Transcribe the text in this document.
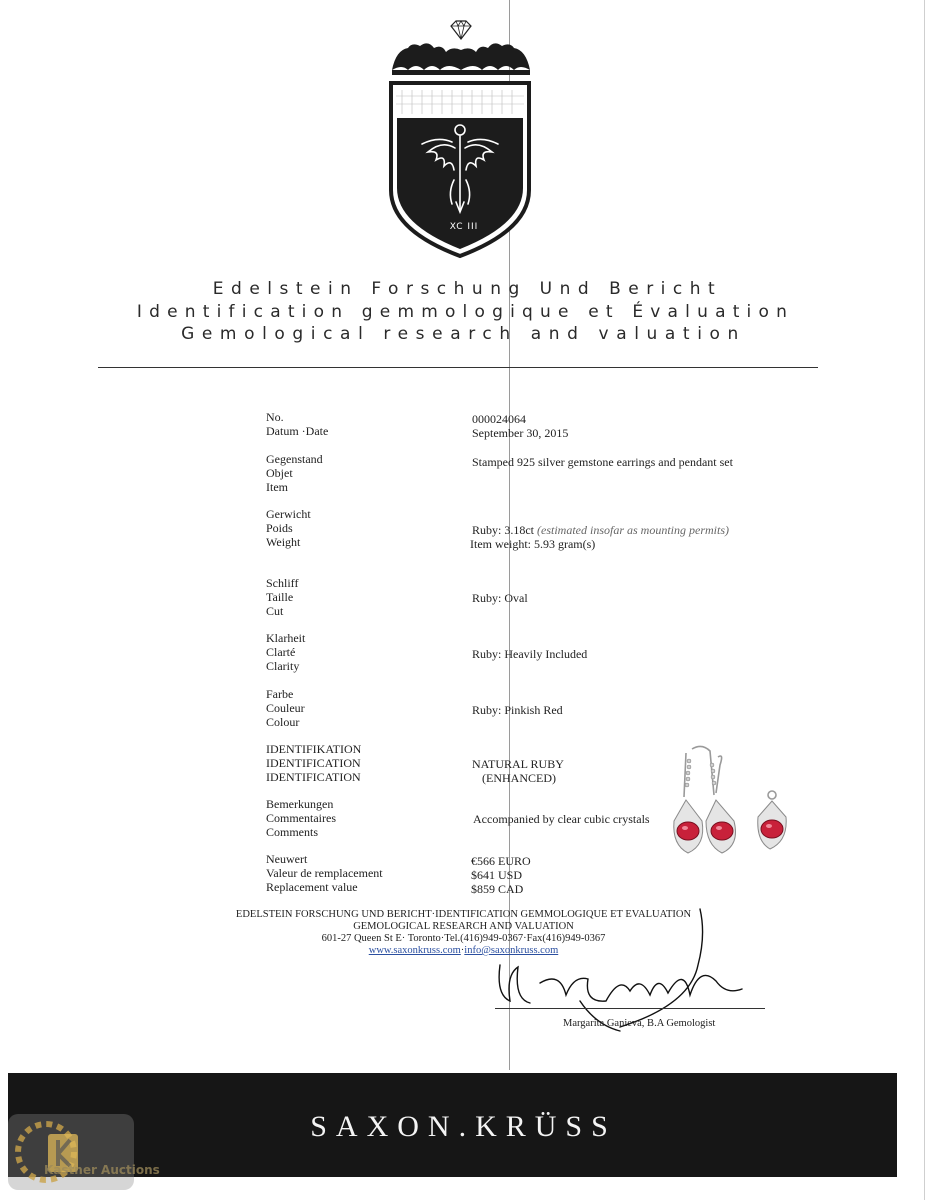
XC III
Edelstein Forschung Und Bericht
Identification gemmologique et Évaluation
Gemological research and valuation
No.
Datum ·Date
000024064
September 30, 2015
Gegenstand
Objet
Item
Stamped 925 silver gemstone earrings and pendant set
Gerwicht
Poids
Weight
Ruby: 3.18ct (estimated insofar as mounting permits)
Item weight: 5.93 gram(s)
Schliff
Taille
Cut
Ruby: Oval
Klarheit
Clarté
Clarity
Ruby: Heavily Included
Farbe
Couleur
Colour
Ruby: Pinkish Red
IDENTIFIKATION
IDENTIFICATION
IDENTIFICATION
NATURAL RUBY
(ENHANCED)
Bemerkungen
Commentaires
Comments
Accompanied by clear cubic crystals
Neuwert
Valeur de remplacement
Replacement value
€566 EURO
$641 USD
$859 CAD
EDELSTEIN FORSCHUNG UND BERICHT·IDENTIFICATION GEMMOLOGIQUE ET EVALUATION
GEMOLOGICAL RESEARCH AND VALUATION
601-27 Queen St E· Toronto·Tel.(416)949-0367·Fax(416)949-0367
www.saxonkruss.com·info@saxonkruss.com
Margarita Ganieva, B.A Gemologist
SAXON.KRÜSS
Kastner Auctions
